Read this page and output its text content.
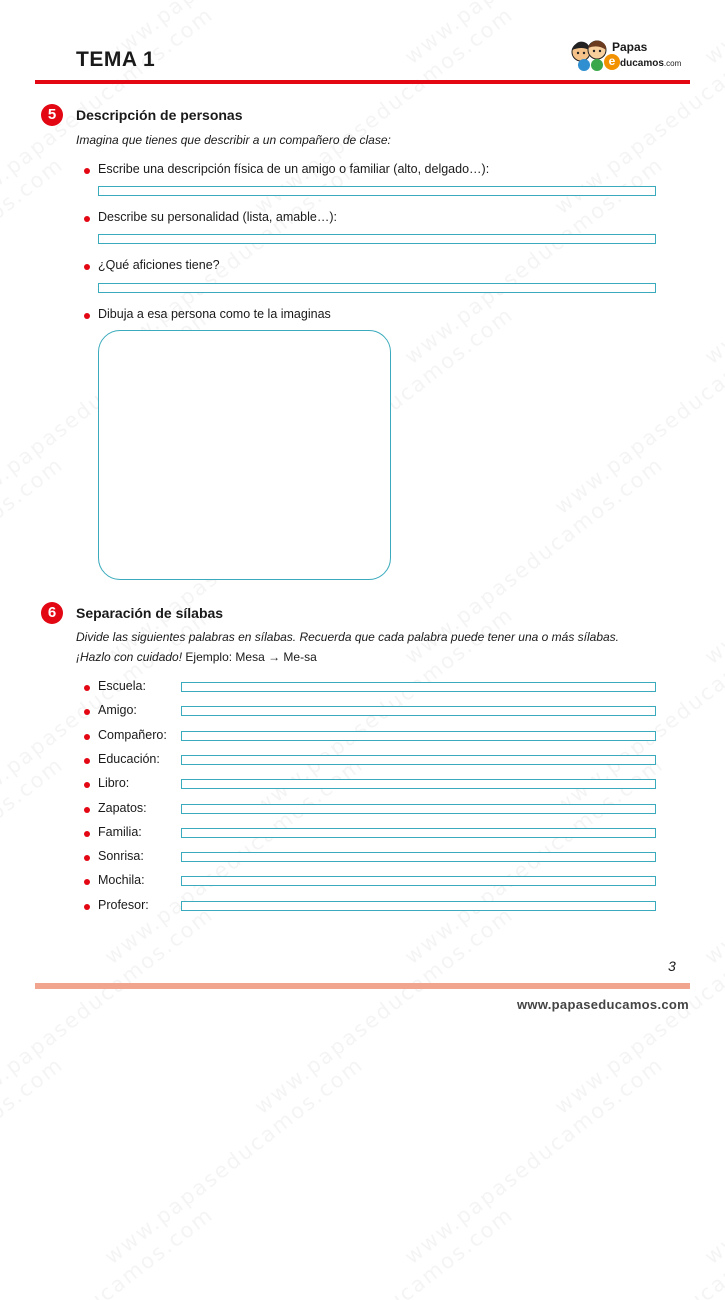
TEMA 1
Papas
e ducamos.com
5	Descripción de personas
Imagina que tienes que describir a un compañero de clase:
Escribe una descripción física de un amigo o familiar (alto, delgado…):
Describe su personalidad (lista, amable…):
¿Qué aficiones tiene?
Dibuja a esa persona como te la imaginas
6	Separación de sílabas
Divide las siguientes palabras en sílabas. Recuerda que cada palabra puede tener una o más sílabas.
¡Hazlo con cuidado! Ejemplo: Mesa → Me-sa
Escuela:
Amigo:
Compañero:
Educación:
Libro:
Zapatos:
Familia:
Sonrisa:
Mochila:
Profesor:
3
www.papaseducamos.com
